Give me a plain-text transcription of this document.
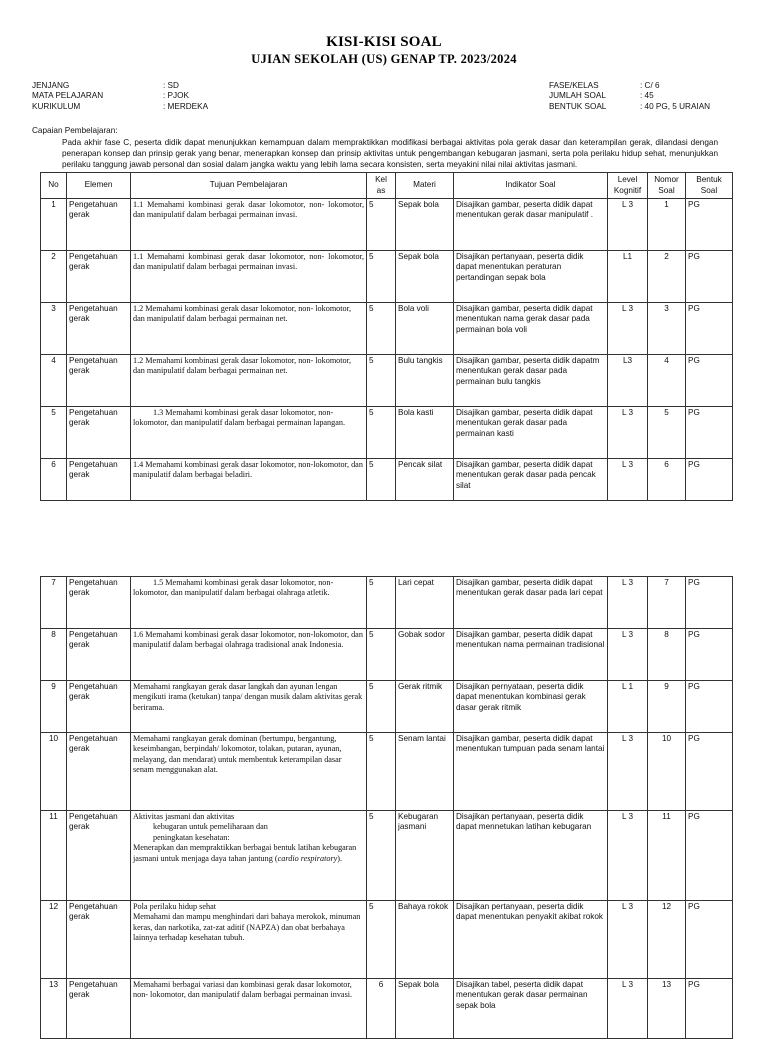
KISI-KISI SOAL
UJIAN SEKOLAH (US) GENAP TP. 2023/2024
JENJANG	: SD
MATA PELAJARAN	: PJOK
KURIKULUM	: MERDEKA
FASE/KELAS	: C/ 6
JUMLAH SOAL	: 45
BENTUK SOAL	: 40 PG, 5 URAIAN
Capaian Pembelajaran:
Pada akhir fase C, peserta didik dapat menunjukkan kemampuan dalam mempraktikkan modifikasi berbagai aktivitas pola gerak dasar dan keterampilan gerak, dilandasi dengan penerapan konsep dan prinsip gerak yang benar, menerapkan konsep dan prinsip aktivitas untuk pengembangan kebugaran jasmani, serta pola perilaku hidup sehat, menunjukkan perilaku tanggung jawab personal dan sosial dalam jangka waktu yang lebih lama secara konsisten, serta meyakini nilai nilai aktivitas jasmani.
No	Elemen	Tujuan Pembelajaran	Kelas	Materi	Indikator Soal	Level Kognitif	Nomor Soal	Bentuk Soal
1	Pengetahuan gerak	1.1 Memahami kombinasi gerak dasar lokomotor, non- lokomotor, dan manipulatif dalam berbagai permainan invasi.	5	Sepak bola	Disajikan gambar, peserta didik dapat menentukan gerak dasar manipulatif .	L 3	1	PG
2	Pengetahuan gerak	1.1 Memahami kombinasi gerak dasar lokomotor, non- lokomotor, dan manipulatif dalam berbagai permainan invasi.	5	Sepak bola	Disajikan pertanyaan, peserta didik dapat menentukan peraturan pertandingan sepak bola	L1	2	PG
3	Pengetahuan gerak	1.2 Memahami kombinasi gerak dasar lokomotor, non- lokomotor, dan manipulatif dalam berbagai permainan net.	5	Bola voli	Disajikan gambar, peserta didik dapat menentukan nama gerak dasar pada permainan bola voli	L 3	3	PG
4	Pengetahuan gerak	1.2 Memahami kombinasi gerak dasar lokomotor, non- lokomotor, dan manipulatif dalam berbagai permainan net.	5	Bulu tangkis	Disajikan gambar, peserta didik dapatm menentukan gerak dasar pada permainan bulu tangkis	L3	4	PG
5	Pengetahuan gerak	1.3 Memahami kombinasi gerak dasar lokomotor, non- lokomotor, dan manipulatif dalam berbagai permainan lapangan.	5	Bola kasti	Disajikan gambar, peserta didik dapat menentukan gerak dasar pada permainan kasti	L 3	5	PG
6	Pengetahuan gerak	1.4 Memahami kombinasi gerak dasar lokomotor, non-lokomotor, dan manipulatif dalam berbagai beladiri.	5	Pencak silat	Disajikan gambar, peserta didik dapat menentukan gerak dasar pada pencak silat	L 3	6	PG
7	Pengetahuan gerak	1.5 Memahami kombinasi gerak dasar lokomotor, non-lokomotor, dan manipulatif dalam berbagai olahraga atletik.	5	Lari cepat	Disajikan gambar, peserta didik dapat menentukan gerak dasar pada lari cepat	L 3	7	PG
8	Pengetahuan gerak	1.6 Memahami kombinasi gerak dasar lokomotor, non-lokomotor, dan manipulatif dalam berbagai olahraga tradisional anak Indonesia.	5	Gobak sodor	Disajikan gambar, peserta didik dapat menentukan nama permainan tradisional	L 3	8	PG
9	Pengetahuan gerak	Memahami rangkayan gerak dasar langkah dan ayunan lengan mengikuti irama (ketukan) tanpa/ dengan musik dalam aktivitas gerak berirama.	5	Gerak ritmik	Disajikan pernyataan, peserta didik dapat menentukan kombinasi gerak dasar gerak ritmik	L 1	9	PG
10	Pengetahuan gerak	Memahami rangkayan gerak dominan (bertumpu, bergantung, keseimbangan, berpindah/ lokomotor, tolakan, putaran, ayunan, melayang, dan mendarat) untuk membentuk keterampilan dasar senam menggunakan alat.	5	Senam lantai	Disajikan gambar, peserta didik dapat menentukan tumpuan pada senam lantai	L 3	10	PG
11	Pengetahuan gerak	Aktivitas jasmani dan aktivitas
kebugaran untuk pemeliharaan dan
peningkatan kesehatan:
Menerapkan dan mempraktikkan berbagai bentuk latihan kebugaran jasmani untuk menjaga daya tahan jantung (cardio respiratory).	5	Kebugaran jasmani	Disajikan pertanyaan, peserta didik dapat mennetukan latihan kebugaran	L 3	11	PG
12	Pengetahuan gerak	Pola perilaku hidup sehat
Memahami dan mampu menghindari dari bahaya merokok, minuman keras, dan narkotika, zat-zat aditif (NAPZA) dan obat berbahaya lainnya terhadap kesehatan tubuh.	5	Bahaya rokok	Disajikan pertanyaan, peserta didik dapat menentukan penyakit akibat rokok	L 3	12	PG
13	Pengetahuan gerak	Memahami berbagai variasi dan kombinasi gerak dasar lokomotor, non- lokomotor, dan manipulatif dalam berbagai permainan invasi.	6	Sepak bola	Disajikan tabel, peserta didik dapat menentukan gerak dasar permainan sepak bola	L 3	13	PG
